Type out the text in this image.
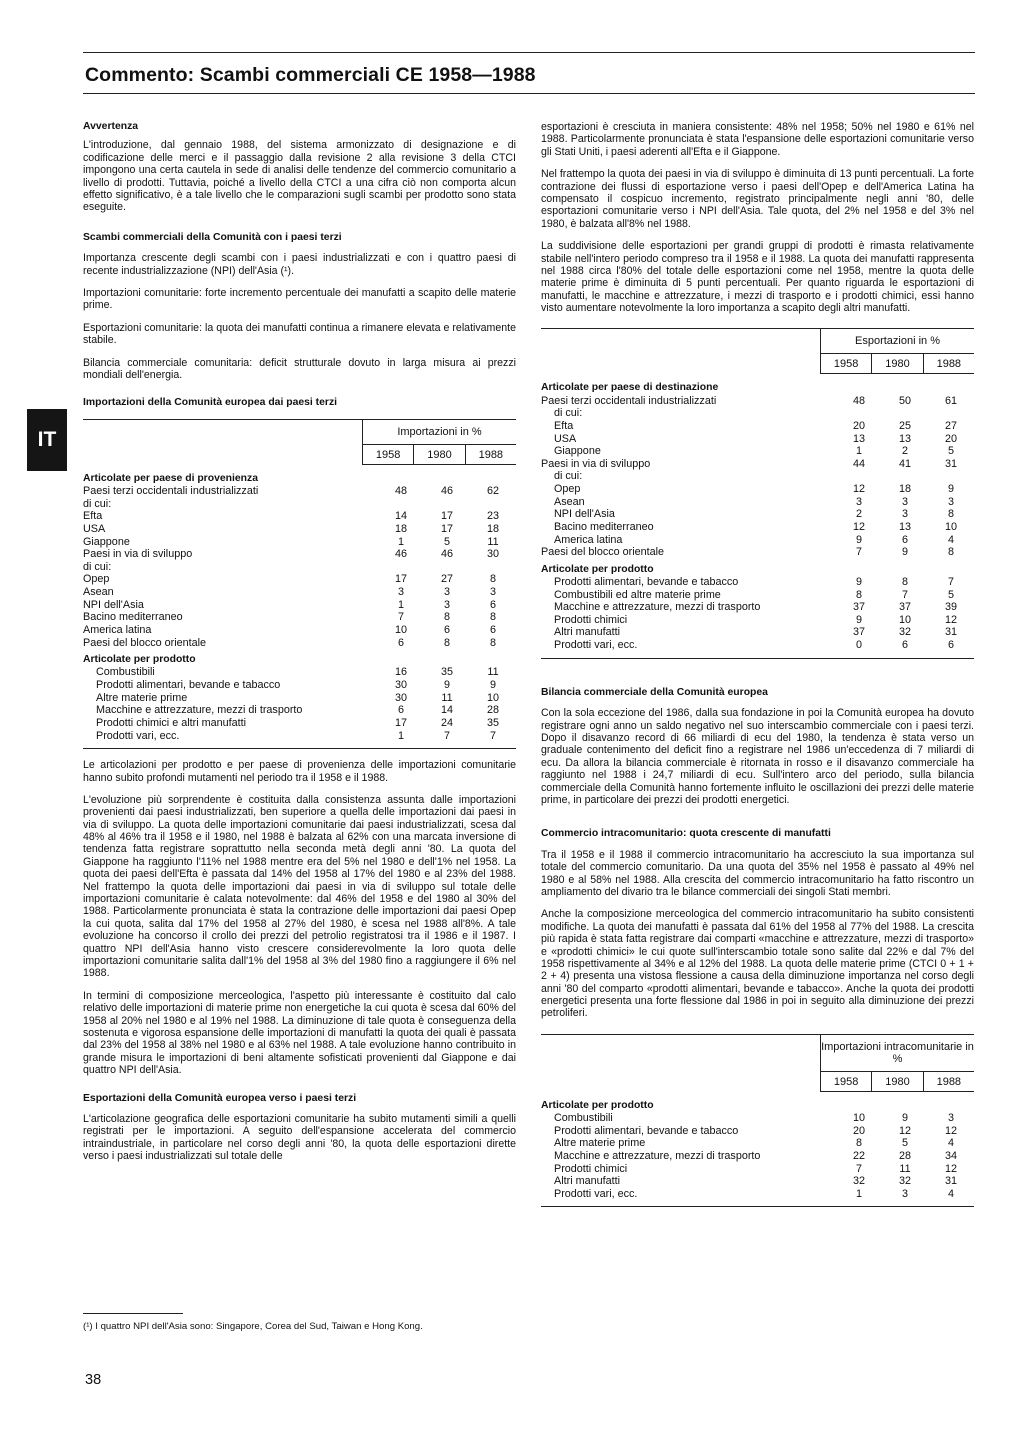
Commento: Scambi commerciali CE 1958—1988
IT
Avvertenza

L'introduzione, dal gennaio 1988, del sistema armonizzato di designazione e di codificazione delle merci e il passaggio dalla revisione 2 alla revisione 3 della CTCI impongono una certa cautela in sede di analisi delle tendenze del commercio comunitario a livello di prodotti. Tuttavia, poiché a livello della CTCI a una cifra ciò non comporta alcun effetto significativo, è a tale livello che le comparazioni sugli scambi per prodotto sono stata eseguite.

Scambi commerciali della Comunità con i paesi terzi

Importanza crescente degli scambi con i paesi industrializzati e con i quattro paesi di recente industrializzazione (NPI) dell'Asia (¹).

Importazioni comunitarie: forte incremento percentuale dei manufatti a scapito delle materie prime.

Esportazioni comunitarie: la quota dei manufatti continua a rimanere elevata e relativamente stabile.

Bilancia commerciale comunitaria: deficit strutturale dovuto in larga misura ai prezzi mondiali dell'energia.

Importazioni della Comunità europea dai paesi terzi
Importazioni in %
1958	1980	1988
Articolate per paese di provenienza			
Paesi terzi occidentali industrializzati	48	46	62
di cui:			
Efta	14	17	23
USA	18	17	18
Giappone	1	5	11
Paesi in via di sviluppo	46	46	30
di cui:			
Opep	17	27	8
Asean	3	3	3
NPI dell'Asia	1	3	6
Bacino mediterraneo	7	8	8
America latina	10	6	6
Paesi del blocco orientale	6	8	8
Articolate per prodotto			
Combustibili	16	35	11
Prodotti alimentari, bevande e tabacco	30	9	9
Altre materie prime	30	11	10
Macchine e attrezzature, mezzi di trasporto	6	14	28
Prodotti chimici e altri manufatti	17	24	35
Prodotti vari, ecc.	1	7	7

Le articolazioni per prodotto e per paese di provenienza delle importazioni comunitarie hanno subito profondi mutamenti nel periodo tra il 1958 e il 1988.

L'evoluzione più sorprendente è costituita dalla consistenza assunta dalle importazioni provenienti dai paesi industrializzati, ben superiore a quella delle importazioni dai paesi in via di sviluppo. La quota delle importazioni comunitarie dai paesi industrializzati, scesa dal 48% al 46% tra il 1958 e il 1980, nel 1988 è balzata al 62% con una marcata inversione di tendenza fatta registrare soprattutto nella seconda metà degli anni '80. La quota del Giappone ha raggiunto l'11% nel 1988 mentre era del 5% nel 1980 e dell'1% nel 1958. La quota dei paesi dell'Efta è passata dal 14% del 1958 al 17% del 1980 e al 23% del 1988. Nel frattempo la quota delle importazioni dai paesi in via di sviluppo sul totale delle importazioni comunitarie è calata notevolmente: dal 46% del 1958 e del 1980 al 30% del 1988. Particolarmente pronunciata è stata la contrazione delle importazioni dai paesi Opep la cui quota, salita dal 17% del 1958 al 27% del 1980, è scesa nel 1988 all'8%. A tale evoluzione ha concorso il crollo dei prezzi del petrolio registratosi tra il 1986 e il 1987. I quattro NPI dell'Asia hanno visto crescere considerevolmente la loro quota delle importazioni comunitarie salita dall'1% del 1958 al 3% del 1980 fino a raggiungere il 6% nel 1988.

In termini di composizione merceologica, l'aspetto più interessante è costituito dal calo relativo delle importazioni di materie prime non energetiche la cui quota è scesa dal 60% del 1958 al 20% nel 1980 e al 19% nel 1988. La diminuzione di tale quota è conseguenza della sostenuta e vigorosa espansione delle importazioni di manufatti la quota dei quali è passata dal 23% del 1958 al 38% nel 1980 e al 63% nel 1988. A tale evoluzione hanno contribuito in grande misura le importazioni di beni altamente sofisticati provenienti dal Giappone e dai quattro NPI dell'Asia.

Esportazioni della Comunità europea verso i paesi terzi

L'articolazione geografica delle esportazioni comunitarie ha subito mutamenti simili a quelli registrati per le importazioni. A seguito dell'espansione accelerata del commercio intraindustriale, in particolare nel corso degli anni '80, la quota delle esportazioni dirette verso i paesi industrializzati sul totale delle

esportazioni è cresciuta in maniera consistente: 48% nel 1958; 50% nel 1980 e 61% nel 1988. Particolarmente pronunciata è stata l'espansione delle esportazioni comunitarie verso gli Stati Uniti, i paesi aderenti all'Efta e il Giappone.

Nel frattempo la quota dei paesi in via di sviluppo è diminuita di 13 punti percentuali. La forte contrazione dei flussi di esportazione verso i paesi dell'Opep e dell'America Latina ha compensato il cospicuo incremento, registrato principalmente negli anni '80, delle esportazioni comunitarie verso i NPI dell'Asia. Tale quota, del 2% nel 1958 e del 3% nel 1980, è balzata all'8% nel 1988.

La suddivisione delle esportazioni per grandi gruppi di prodotti è rimasta relativamente stabile nell'intero periodo compreso tra il 1958 e il 1988. La quota dei manufatti rappresenta nel 1988 circa l'80% del totale delle esportazioni come nel 1958, mentre la quota delle materie prime è diminuita di 5 punti percentuali. Per quanto riguarda le esportazioni di manufatti, le macchine e attrezzature, i mezzi di trasporto e i prodotti chimici, essi hanno visto aumentare notevolmente la loro importanza a scapito degli altri manufatti.

Esportazioni in %
1958	1980	1988
Articolate per paese di destinazione			
Paesi terzi occidentali industrializzati	48	50	61
di cui:			
Efta	20	25	27
USA	13	13	20
Giappone	1	2	5
Paesi in via di sviluppo	44	41	31
di cui:			
Opep	12	18	9
Asean	3	3	3
NPI dell'Asia	2	3	8
Bacino mediterraneo	12	13	10
America latina	9	6	4
Paesi del blocco orientale	7	9	8
Articolate per prodotto			
Prodotti alimentari, bevande e tabacco	9	8	7
Combustibili ed altre materie prime	8	7	5
Macchine e attrezzature, mezzi di trasporto	37	37	39
Prodotti chimici	9	10	12
Altri manufatti	37	32	31
Prodotti vari, ecc.	0	6	6
Bilancia commerciale della Comunità europea

Con la sola eccezione del 1986, dalla sua fondazione in poi la Comunità europea ha dovuto registrare ogni anno un saldo negativo nel suo interscambio commerciale con i paesi terzi. Dopo il disavanzo record di 66 miliardi di ecu del 1980, la tendenza è stata verso un graduale contenimento del deficit fino a registrare nel 1986 un'eccedenza di 7 miliardi di ecu. Da allora la bilancia commerciale è ritornata in rosso e il disavanzo commerciale ha raggiunto nel 1988 i 24,7 miliardi di ecu. Sull'intero arco del periodo, sulla bilancia commerciale della Comunità hanno fortemente influito le oscillazioni dei prezzi delle materie prime, in particolare dei prezzi dei prodotti energetici.

Commercio intracomunitario: quota crescente di manufatti

Tra il 1958 e il 1988 il commercio intracomunitario ha accresciuto la sua importanza sul totale del commercio comunitario. Da una quota del 35% nel 1958 è passato al 49% nel 1980 e al 58% nel 1988. Alla crescita del commercio intracomunitario ha fatto riscontro un ampliamento del divario tra le bilance commerciali dei singoli Stati membri.

Anche la composizione merceologica del commercio intracomunitario ha subito consistenti modifiche. La quota dei manufatti è passata dal 61% del 1958 al 77% del 1988. La crescita più rapida è stata fatta registrare dai comparti «macchine e attrezzature, mezzi di trasporto» e «prodotti chimici» le cui quote sull'interscambio totale sono salite dal 22% e dal 7% del 1958 rispettivamente al 34% e al 12% del 1988. La quota delle materie prime (CTCI 0 + 1 + 2 + 4) presenta una vistosa flessione a causa della diminuzione importanza nel corso degli anni '80 del comparto «prodotti alimentari, bevande e tabacco». Anche la quota dei prodotti energetici presenta una forte flessione dal 1986 in poi in seguito alla diminuzione dei prezzi petroliferi.

Importazioni intracomunitarie in %
1958	1980	1988
Articolate per prodotto			
Combustibili	10	9	3
Prodotti alimentari, bevande e tabacco	20	12	12
Altre materie prime	8	5	4
Macchine e attrezzature, mezzi di trasporto	22	28	34
Prodotti chimici	7	11	12
Altri manufatti	32	32	31
Prodotti vari, ecc.	1	3	4
(¹) I quattro NPI dell'Asia sono: Singapore, Corea del Sud, Taiwan e Hong Kong.
38
